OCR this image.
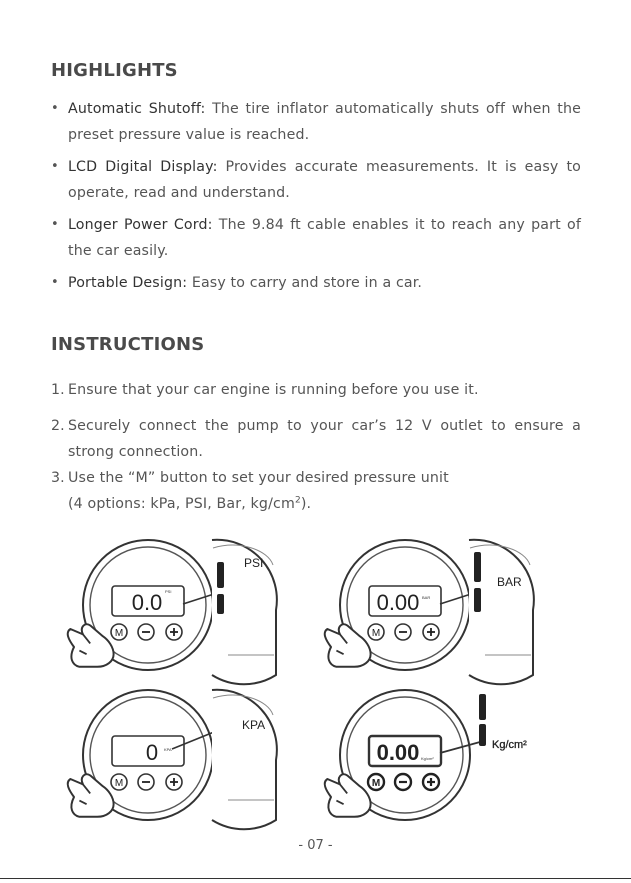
HIGHLIGHTS
• Automatic Shutoff: The tire inflator automatically shuts off when the preset pressure value is reached.
• LCD Digital Display: Provides accurate measurements. It is easy to operate, read and understand.
• Longer Power Cord: The 9.84 ft cable enables it to reach any part of the car easily.
• Portable Design: Easy to carry and store in a car.
INSTRUCTIONS
1. Ensure that your car engine is running before you use it.
2. Securely connect the pump to your car’s 12 V outlet to ensure a strong connection.
3. Use the “M” button to set your desired pressure unit
(4 options: kPa, PSI, Bar, $kg/cm^2$).
0.0 PSI
M
PSI
0.00 BAR
M
BAR
0 KPA
M
KPA
0.00 Kg/cm²
M
Kg/cm²
- 07 -
